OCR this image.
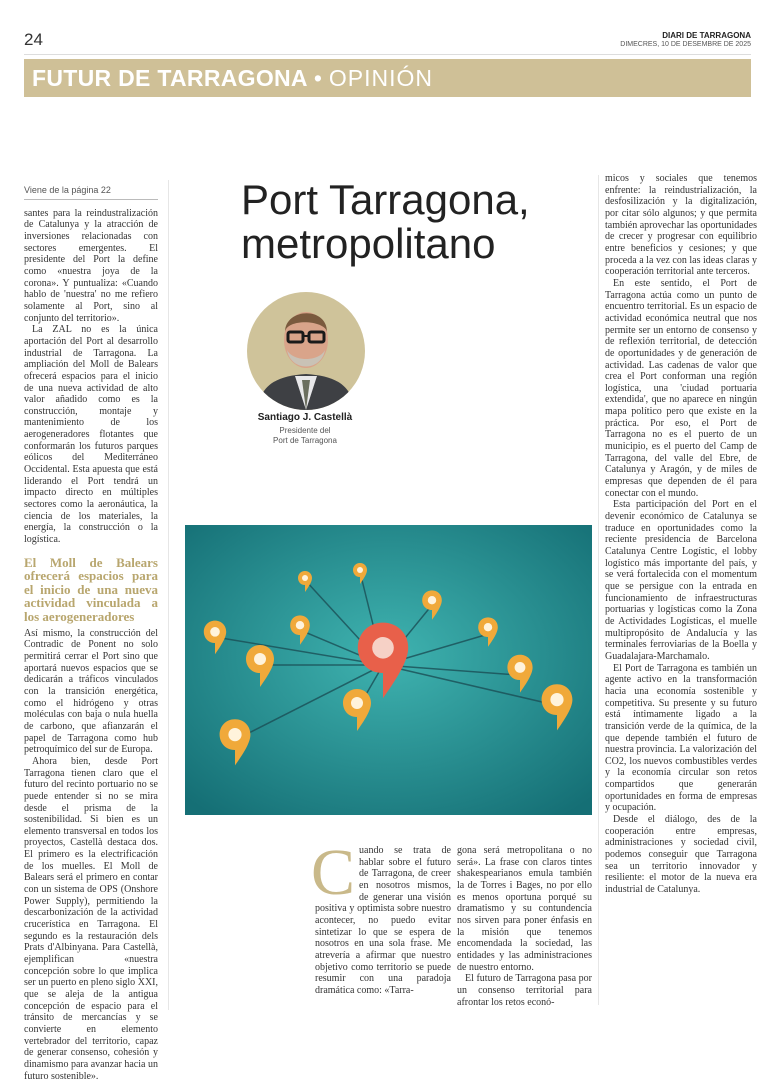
24	DIARI DE TARRAGONA
DIMECRES, 10 DE DESEMBRE DE 2025
FUTUR DE TARRAGONA • OPINIÓN
Viene de la página 22

santes para la reindustralización de Catalunya y la atracción de inversiones relacionadas con sectores emergentes. El presidente del Port la define como «nuestra joya de la corona». Y puntualiza: «Cuando hablo de 'nuestra' no me refiero solamente al Port, sino al conjunto del territorio».

La ZAL no es la única aportación del Port al desarrollo industrial de Tarragona. La ampliación del Moll de Balears ofrecerá espacios para el inicio de una nueva actividad de alto valor añadido como es la construcción, montaje y mantenimiento de los aerogeneradores flotantes que conformarán los futuros parques eólicos del Mediterráneo Occidental. Esta apuesta que está liderando el Port tendrá un impacto directo en múltiples sectores como la aeronáutica, la ciencia de los materiales, la energía, la construcción o la logística.

El Moll de Balears ofrecerá espacios para el inicio de una nueva actividad vinculada a los aerogeneradores

Así mismo, la construcción del Contradic de Ponent no solo permitirá cerrar el Port sino que aportará nuevos espacios que se dedicarán a tráficos vinculados con la transición energética, como el hidrógeno y otras moléculas con baja o nula huella de carbono, que afianzarán el papel de Tarragona como hub petroquímico del sur de Europa.

Ahora bien, desde Port Tarragona tienen claro que el futuro del recinto portuario no se puede entender si no se mira desde el prisma de la sostenibilidad. Si bien es un elemento transversal en todos los proyectos, Castellà destaca dos. El primero es la electrificación de los muelles. El Moll de Balears será el primero en contar con un sistema de OPS (Onshore Power Supply), permitiendo la descarbonización de la actividad crucerística en Tarragona. El segundo es la restauración dels Prats d'Albinyana. Para Castellà, ejemplifican «nuestra concepción sobre lo que implica ser un puerto en pleno siglo XXI, que se aleja de la antigua concepción de espacio para el tránsito de mercancías y se convierte en elemento vertebrador del territorio, capaz de generar consenso, cohesión y dinamismo para avanzar hacia un futuro sostenible».

Port Tarragona,
metropolitano
Santiago J. Castellà
Presidente del
Port de Tarragona
C uando se trata de hablar sobre el futuro de Tarragona, de creer en nosotros mismos, de generar una visión positiva y optimista sobre nuestro acontecer, no puedo evitar sintetizar lo que se espera de nosotros en una sola frase. Me atrevería a afirmar que nuestro objetivo como territorio se puede resumir con una paradoja dramática como: «Tarra-

gona será metropolitana o no será». La frase con claros tintes shakespearianos emula también la de Torres i Bages, no por ello es menos oportuna porqué su dramatismo y su contundencia nos sirven para poner énfasis en la misión que tenemos encomendada la sociedad, las entidades y las administraciones de nuestro entorno.

El futuro de Tarragona pasa por un consenso territorial para afrontar los retos econó-

micos y sociales que tenemos enfrente: la reindustrialización, la desfosilización y la digitalización, por citar sólo algunos; y que permita también aprovechar las oportunidades de crecer y progresar con equilibrio entre beneficios y cesiones; y que proceda a la vez con las ideas claras y cooperación territorial ante terceros.

En este sentido, el Port de Tarragona actúa como un punto de encuentro territorial. Es un espacio de actividad económica neutral que nos permite ser un entorno de consenso y de reflexión territorial, de detección de oportunidades y de generación de actividad. Las cadenas de valor que crea el Port conforman una región logística, una 'ciudad portuaria extendida', que no aparece en ningún mapa político pero que existe en la práctica. Por eso, el Port de Tarragona no es el puerto de un municipio, es el puerto del Camp de Tarragona, del valle del Ebre, de Catalunya y Aragón, y de miles de empresas que dependen de él para conectar con el mundo.

Esta participación del Port en el devenir económico de Catalunya se traduce en oportunidades como la reciente presidencia de Barcelona Catalunya Centre Logístic, el lobby logístico más importante del país, y se verá fortalecida con el momentum que se persigue con la entrada en funcionamiento de infraestructuras portuarias y logísticas como la Zona de Actividades Logísticas, el muelle multipropósito de Andalucía y las terminales ferroviarias de la Boella y Guadalajara-Marchamalo.

El Port de Tarragona es también un agente activo en la transformación hacia una economía sostenible y competitiva. Su presente y su futuro está íntimamente ligado a la transición verde de la química, de la que depende también el futuro de nuestra provincia. La valorización del CO2, los nuevos combustibles verdes y la economía circular son retos compartidos que generarán oportunidades en forma de empresas y ocupación.

Desde el diálogo, des de la cooperación entre empresas, administraciones y sociedad civil, podemos conseguir que Tarragona sea un territorio innovador y resiliente: el motor de la nueva era industrial de Catalunya.
